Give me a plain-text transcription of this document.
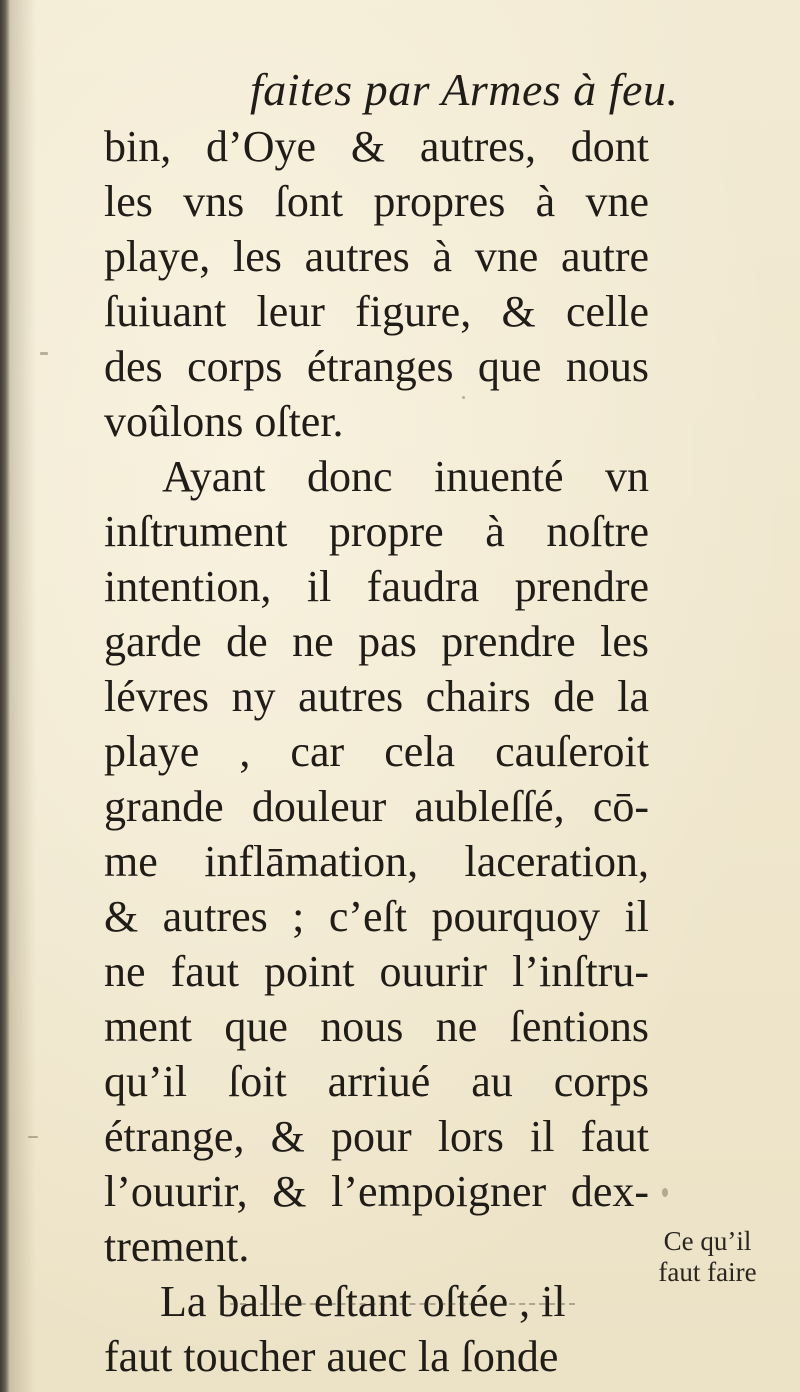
faites par Armes à feu.
bin, d’Oye & autres, dont
les vns ſont propres à vne
playe, les autres à vne autre
ſuiuant leur figure, & celle
des corps étranges que nous
voûlons oſter.
Ayant donc inuenté vn
inſtrument propre à noſtre
intention, il faudra prendre
garde de ne pas prendre les
lévres ny autres chairs de la
playe , car cela cauſeroit
grande douleur aubleſſé, cō-
me inflāmation, laceration,
& autres ; c’eſt pourquoy il
ne faut point ouurir l’inſtru-
ment que nous ne ſentions
qu’il ſoit arriué au corps
étrange, & pour lors il faut
l’ouurir, & l’empoigner dex-
trement.
La balle eſtant oſtée , il
faut toucher auec la ſonde
Ce qu’il
faut faire
